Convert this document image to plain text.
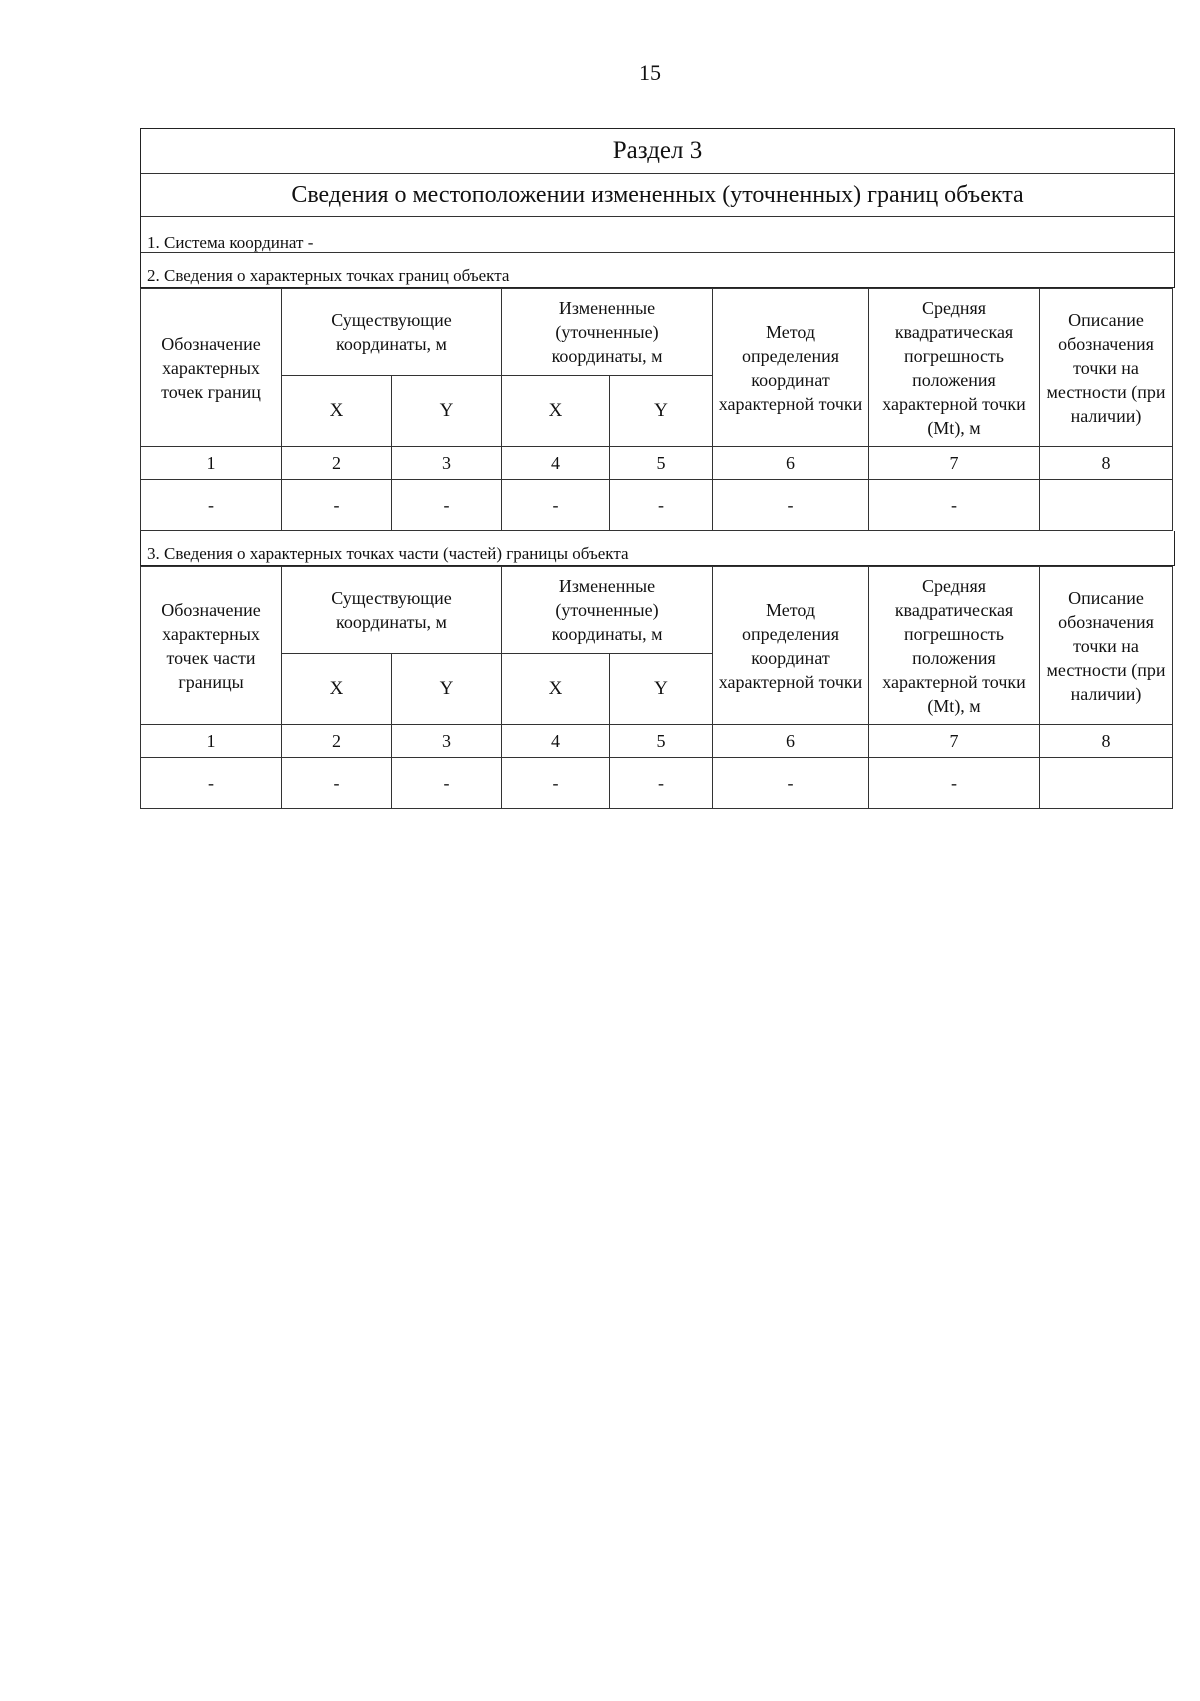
15
Раздел 3
Сведения о местоположении измененных (уточненных) границ объекта
1. Система координат -
2. Сведения о характерных точках границ объекта
Обозначение характерных точек границ	Существующие координаты, м		Измененные (уточненные) координаты, м		Метод определения координат характерной точки	Средняя квадратическая погрешность положения характерной точки (Mt), м	Описание обозначения точки на местности (при наличии)
	X	Y	X	Y			
1	2	3	4	5	6	7	8
-	-	-	-	-	-	-	
3. Сведения о характерных точках части (частей) границы объекта
Обозначение характерных точек части границы	Существующие координаты, м		Измененные (уточненные) координаты, м		Метод определения координат характерной точки	Средняя квадратическая погрешность положения характерной точки (Mt), м	Описание обозначения точки на местности (при наличии)
	X	Y	X	Y			
1	2	3	4	5	6	7	8
-	-	-	-	-	-	-	
